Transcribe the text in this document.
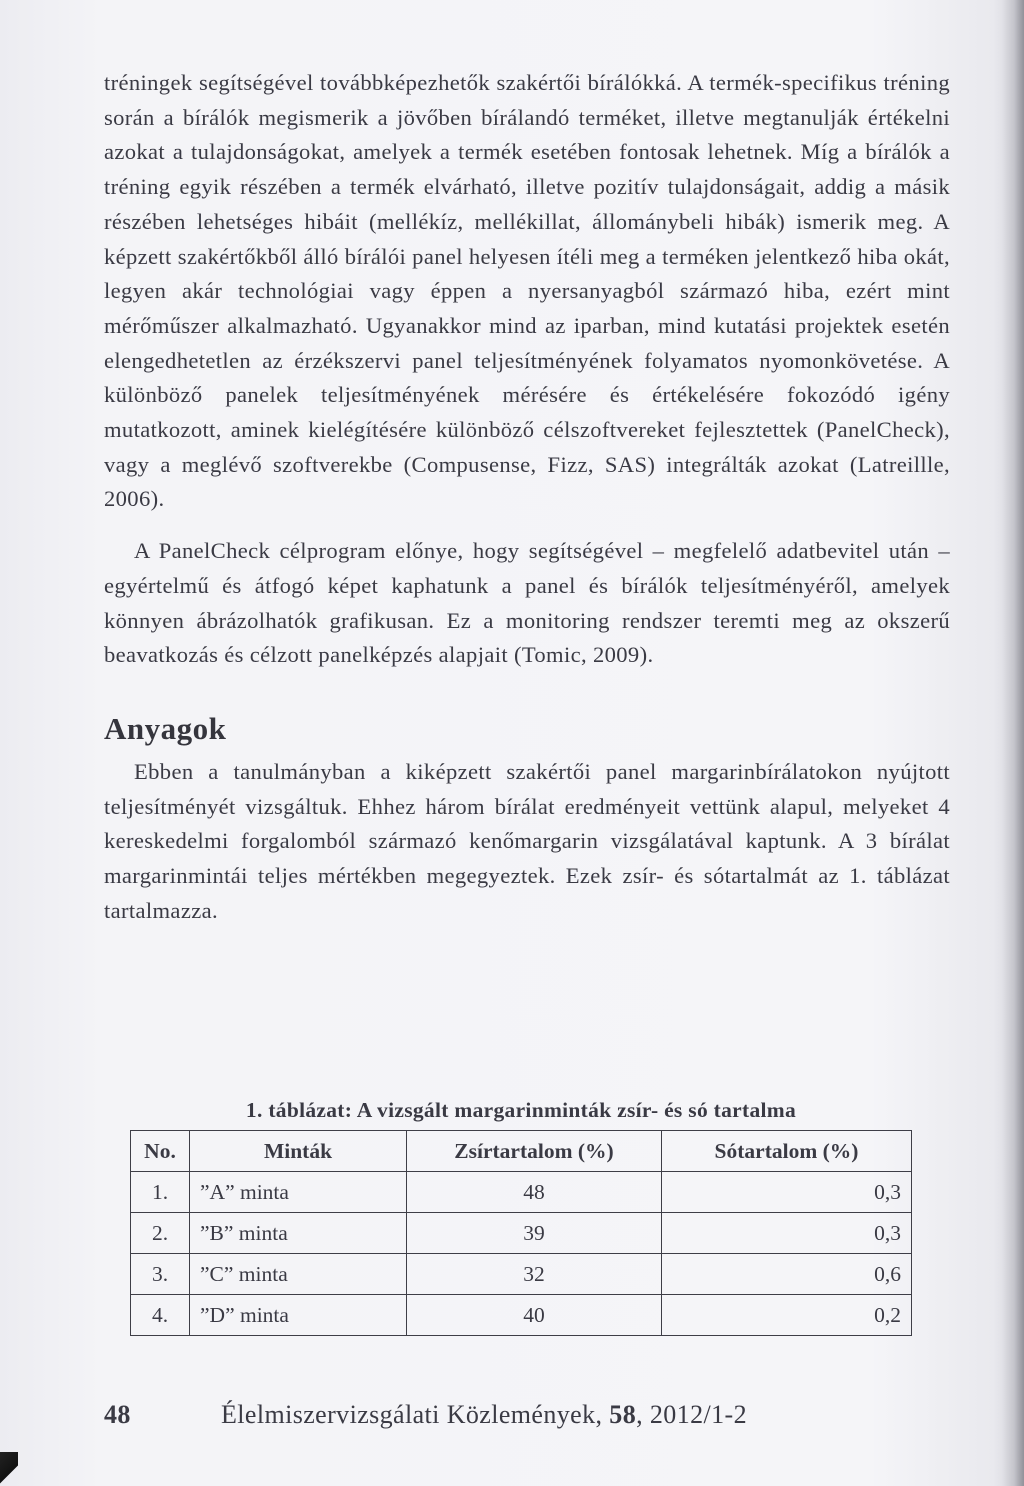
tréningek segítségével továbbképezhetők szakértői bírálókká. A termék-specifikus tréning során a bírálók megismerik a jövőben bírálandó terméket, illetve megtanulják értékelni azokat a tulajdonságokat, amelyek a termék esetében fontosak lehetnek. Míg a bírálók a tréning egyik részében a termék elvárható, illetve pozitív tulajdonságait, addig a másik részében lehetséges hibáit (mellékíz, mellékillat, állománybeli hibák) ismerik meg. A képzett szakértőkből álló bírálói panel helyesen ítéli meg a terméken jelentkező hiba okát, legyen akár technológiai vagy éppen a nyersanyagból származó hiba, ezért mint mérőműszer alkalmazható. Ugyanakkor mind az iparban, mind kutatási projektek esetén elengedhetetlen az érzékszervi panel teljesítményének folyamatos nyomonkövetése. A különböző panelek teljesítményének mérésére és értékelésére fokozódó igény mutatkozott, aminek kielégítésére különböző célszoftvereket fejlesztettek (PanelCheck), vagy a meglévő szoftverekbe (Compusense, Fizz, SAS) integrálták azokat (Latreillle, 2006).

A PanelCheck célprogram előnye, hogy segítségével – megfelelő adatbevitel után – egyértelmű és átfogó képet kaphatunk a panel és bírálók teljesítményéről, amelyek könnyen ábrázolhatók grafikusan. Ez a monitoring rendszer teremti meg az okszerű beavatkozás és célzott panelképzés alapjait (Tomic, 2009).

Anyagok

Ebben a tanulmányban a kiképzett szakértői panel margarinbírálatokon nyújtott teljesítményét vizsgáltuk. Ehhez három bírálat eredményeit vettünk alapul, melyeket 4 kereskedelmi forgalomból származó kenőmargarin vizsgálatával kaptunk. A 3 bírálat margarinmintái teljes mértékben megegyeztek. Ezek zsír- és sótartalmát az 1. táblázat tartalmazza.

1. táblázat: A vizsgált margarinminták zsír- és só tartalma
No.	Minták	Zsírtartalom (%)	Sótartalom (%)
1.	”A” minta	48	0,3
2.	”B” minta	39	0,3
3.	”C” minta	32	0,6
4.	”D” minta	40	0,2
48	Élelmiszervizsgálati Közlemények, 58, 2012/1-2
